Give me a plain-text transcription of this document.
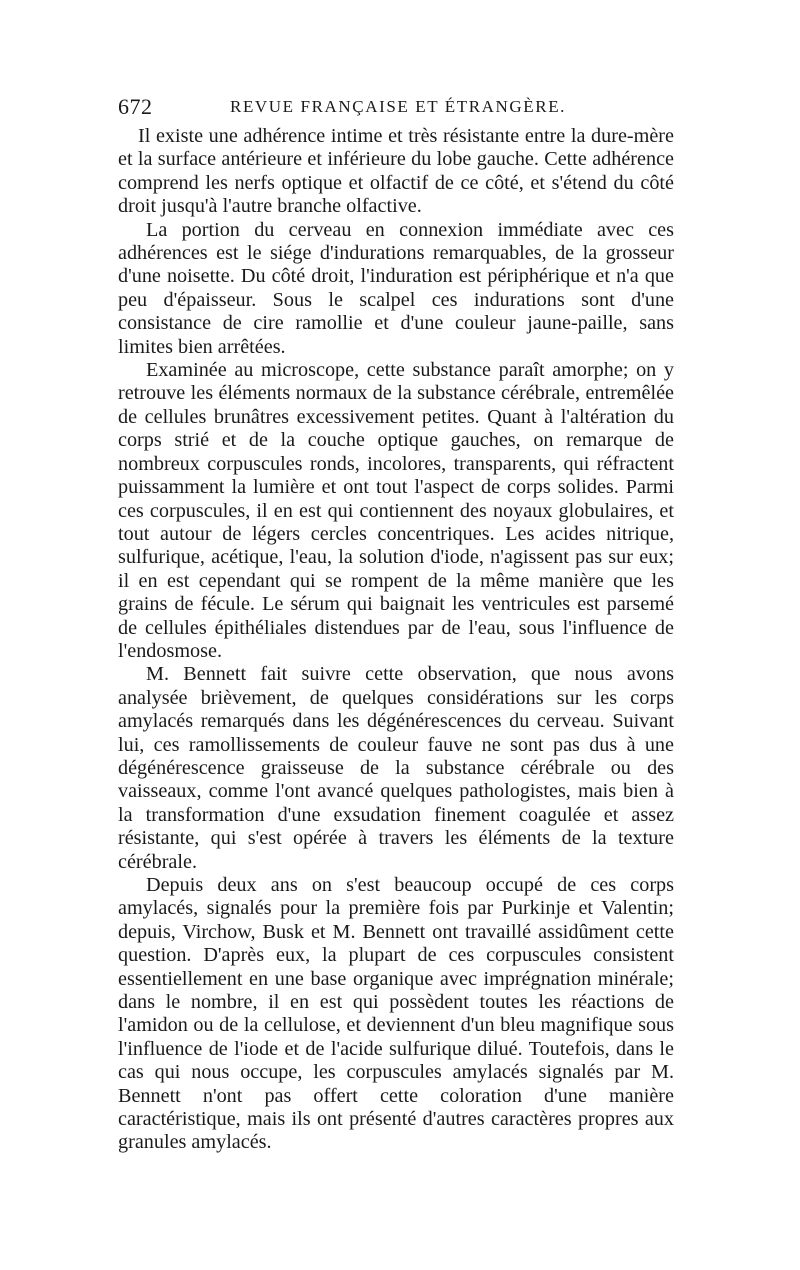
672	REVUE FRANÇAISE ET ÉTRANGÈRE.

Il existe une adhérence intime et très résistante entre la dure-mère et la surface antérieure et inférieure du lobe gauche. Cette adhérence comprend les nerfs optique et olfactif de ce côté, et s'étend du côté droit jusqu'à l'autre branche olfactive.

La portion du cerveau en connexion immédiate avec ces adhérences est le siége d'indurations remarquables, de la grosseur d'une noisette. Du côté droit, l'induration est périphérique et n'a que peu d'épaisseur. Sous le scalpel ces indurations sont d'une consistance de cire ramollie et d'une couleur jaune-paille, sans limites bien arrêtées.

Examinée au microscope, cette substance paraît amorphe; on y retrouve les éléments normaux de la substance cérébrale, entremêlée de cellules brunâtres excessivement petites. Quant à l'altération du corps strié et de la couche optique gauches, on remarque de nombreux corpuscules ronds, incolores, transparents, qui réfractent puissamment la lumière et ont tout l'aspect de corps solides. Parmi ces corpuscules, il en est qui contiennent des noyaux globulaires, et tout autour de légers cercles concentriques. Les acides nitrique, sulfurique, acétique, l'eau, la solution d'iode, n'agissent pas sur eux; il en est cependant qui se rompent de la même manière que les grains de fécule. Le sérum qui baignait les ventricules est parsemé de cellules épithéliales distendues par de l'eau, sous l'influence de l'endosmose.

M. Bennett fait suivre cette observation, que nous avons analysée brièvement, de quelques considérations sur les corps amylacés remarqués dans les dégénérescences du cerveau. Suivant lui, ces ramollissements de couleur fauve ne sont pas dus à une dégénérescence graisseuse de la substance cérébrale ou des vaisseaux, comme l'ont avancé quelques pathologistes, mais bien à la transformation d'une exsudation finement coagulée et assez résistante, qui s'est opérée à travers les éléments de la texture cérébrale.

Depuis deux ans on s'est beaucoup occupé de ces corps amylacés, signalés pour la première fois par Purkinje et Valentin; depuis, Virchow, Busk et M. Bennett ont travaillé assidûment cette question. D'après eux, la plupart de ces corpuscules consistent essentiellement en une base organique avec imprégnation minérale; dans le nombre, il en est qui possèdent toutes les réactions de l'amidon ou de la cellulose, et deviennent d'un bleu magnifique sous l'influence de l'iode et de l'acide sulfurique dilué. Toutefois, dans le cas qui nous occupe, les corpuscules amylacés signalés par M. Bennett n'ont pas offert cette coloration d'une manière caractéristique, mais ils ont présenté d'autres caractères propres aux granules amylacés.
